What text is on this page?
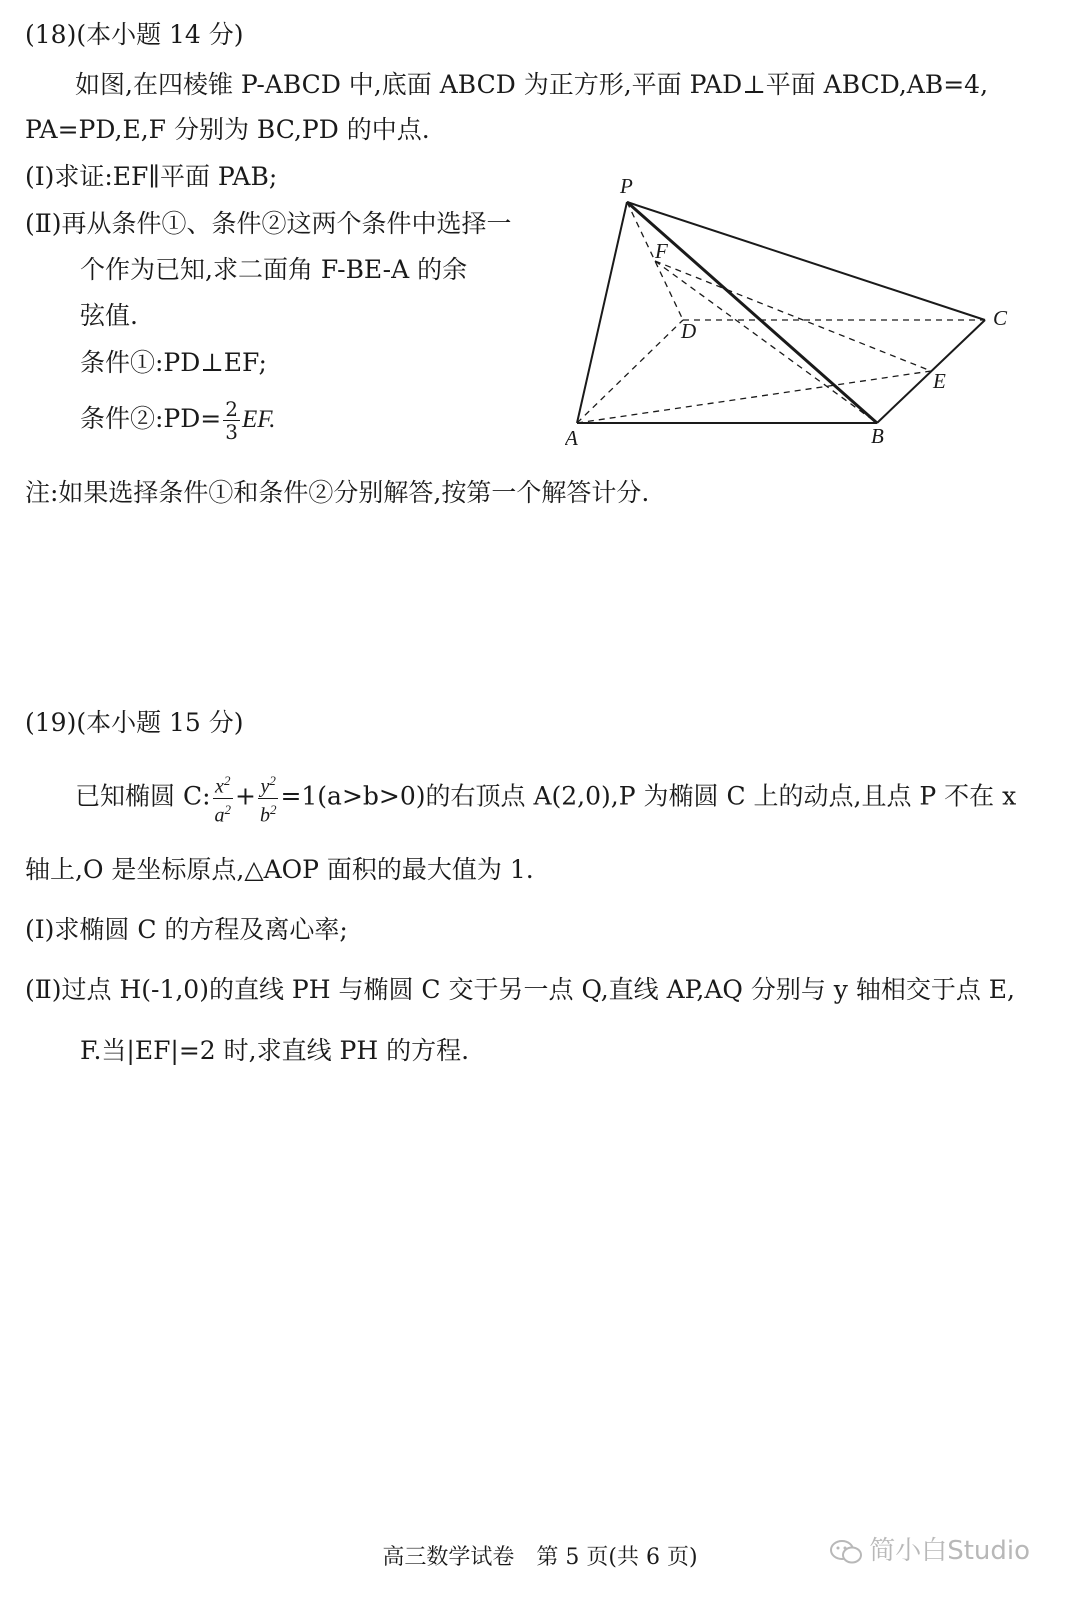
(18)(本小题 14 分)
如图,在四棱锥 P-ABCD 中,底面 ABCD 为正方形,平面 PAD⊥平面 ABCD,AB=4,
PA=PD,E,F 分别为 BC,PD 的中点.
(Ⅰ)求证:EF∥平面 PAB;
(Ⅱ)再从条件①、条件②这两个条件中选择一
个作为已知,求二面角 F-BE-A 的余
弦值.
条件①:PD⊥EF;
条件②:PD= $\frac{2}{3}$ EF.
注:如果选择条件①和条件②分别解答,按第一个解答计分.
P
F
D
C
E
A	B
(19)(本小题 15 分)
已知椭圆 C: $\frac{x^2}{a^2} + \frac{y^2}{b^2} =1(a>b>0)$的右顶点 A(2,0),P 为椭圆 C 上的动点,且点 P 不在 x
轴上,O 是坐标原点,△AOP 面积的最大值为 1.
(Ⅰ)求椭圆 C 的方程及离心率;
(Ⅱ)过点 H(-1,0)的直线 PH 与椭圆 C 交于另一点 Q,直线 AP,AQ 分别与 y 轴相交于点 E,
F.当|EF|=2 时,求直线 PH 的方程.
高三数学试卷　第 5 页(共 6 页)	简小白Studio
